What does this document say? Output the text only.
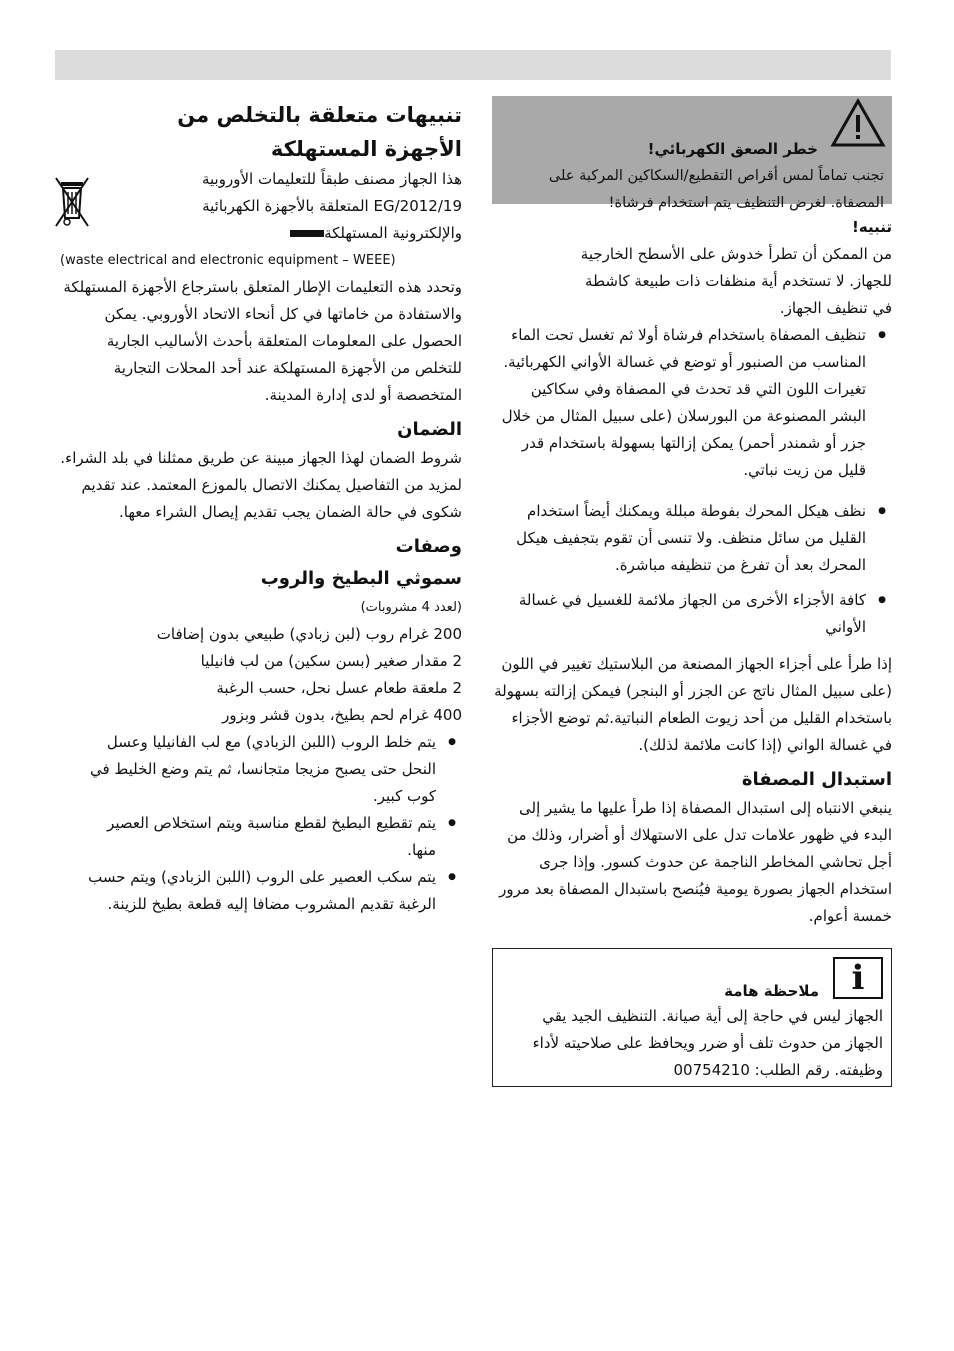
خطر الصعق الكهربائي!
تجنب تماماً لمس أقراص التقطيع/السكاكين المركبة على المصفاة. لغرض التنظيف يتم استخدام فرشاة!
تنبيه!

من الممكن أن تطرأ خدوش على الأسطح الخارجية

للجهاز. لا تستخدم أية منظفات ذات طبيعة كاشطة

في تنظيف الجهاز.

● تنظيف المصفاة باستخدام فرشاة أولا ثم تغسل تحت الماء المناسب من الصنبور أو توضع في غسالة الأواني الكهربائية.

تغيرات اللون التي قد تحدث في المصفاة وفي سكاكين البشر المصنوعة من البورسلان (على سبيل المثال من خلال جزر أو شمندر أحمر) يمكن إزالتها بسهولة باستخدام قدر قليل من زيت نباتي.

● نظف هيكل المحرك بفوطة مبللة ويمكنك أيضاً استخدام القليل من سائل منظف. ولا تنسى أن تقوم بتجفيف هيكل المحرك بعد أن تفرغ من تنظيفه مباشرة.
● كافة الأجزاء الأخرى من الجهاز ملائمة للغسيل في غسالة الأواني

إذا طرأ على أجزاء الجهاز المصنعة من البلاستيك تغيير في اللون (على سبيل المثال ناتج عن الجزر أو البنجر) فيمكن إزالته بسهولة باستخدام القليل من أحد زيوت الطعام النباتية.ثم توضع الأجزاء في غسالة الواني (إذا كانت ملائمة لذلك).

استبدال المصفاة

ينبغي الانتباه إلى استبدال المصفاة إذا طرأ عليها ما يشير إلى البدء في ظهور علامات تدل على الاستهلاك أو أضرار، وذلك من أجل تحاشي المخاطر الناجمة عن حدوث كسور. وإذا جرى استخدام الجهاز بصورة يومية فيُنصح باستبدال المصفاة بعد مرور خمسة أعوام.

i
ملاحظة هامة
الجهاز ليس في حاجة إلى أية صيانة. التنظيف الجيد يقي الجهاز من حدوث تلف أو ضرر ويحافظ على صلاحيته لأداء وظيفته. رقم الطلب: 00754210
تنبيهات متعلقة بالتخلص من
الأجهزة المستهلكة

هذا الجهاز مصنف طبقاً للتعليمات الأوروبية

2012/19/EG المتعلقة بالأجهزة الكهربائية

والإلكترونية المستهلكة

(waste electrical and electronic equipment – WEEE)

وتحدد هذه التعليمات الإطار المتعلق باسترجاع الأجهزة المستهلكة والاستفادة من خاماتها في كل أنحاء الاتحاد الأوروبي. يمكن الحصول على المعلومات المتعلقة بأحدث الأساليب الجارية للتخلص من الأجهزة المستهلكة عند أحد المحلات التجارية المتخصصة أو لدى إدارة المدينة.

الضمان

شروط الضمان لهذا الجهاز مبينة عن طريق ممثلنا في بلد الشراء. لمزيد من التفاصيل يمكنك الاتصال بالموزع المعتمد. عند تقديم شكوى في حالة الضمان يجب تقديم إيصال الشراء معها.

وصفات
سموثي البطيخ والروب

(لعدد 4 مشروبات)

200 غرام روب (لبن زبادي) طبيعي بدون إضافات

2 مقدار صغير (بسن سكين) من لب فانيليا

2 ملعقة طعام عسل نحل، حسب الرغبة

400 غرام لحم بطيخ، بدون قشر وبزور

● يتم خلط الروب (اللبن الزبادي) مع لب الفانيليا وعسل النحل حتى يصبح مزيجا متجانسا، ثم يتم وضع الخليط في كوب كبير.
● يتم تقطيع البطيخ لقطع مناسبة ويتم استخلاص العصير منها.
● يتم سكب العصير على الروب (اللبن الزبادي) ويتم حسب الرغبة تقديم المشروب مضافا إليه قطعة بطيخ للزينة.
